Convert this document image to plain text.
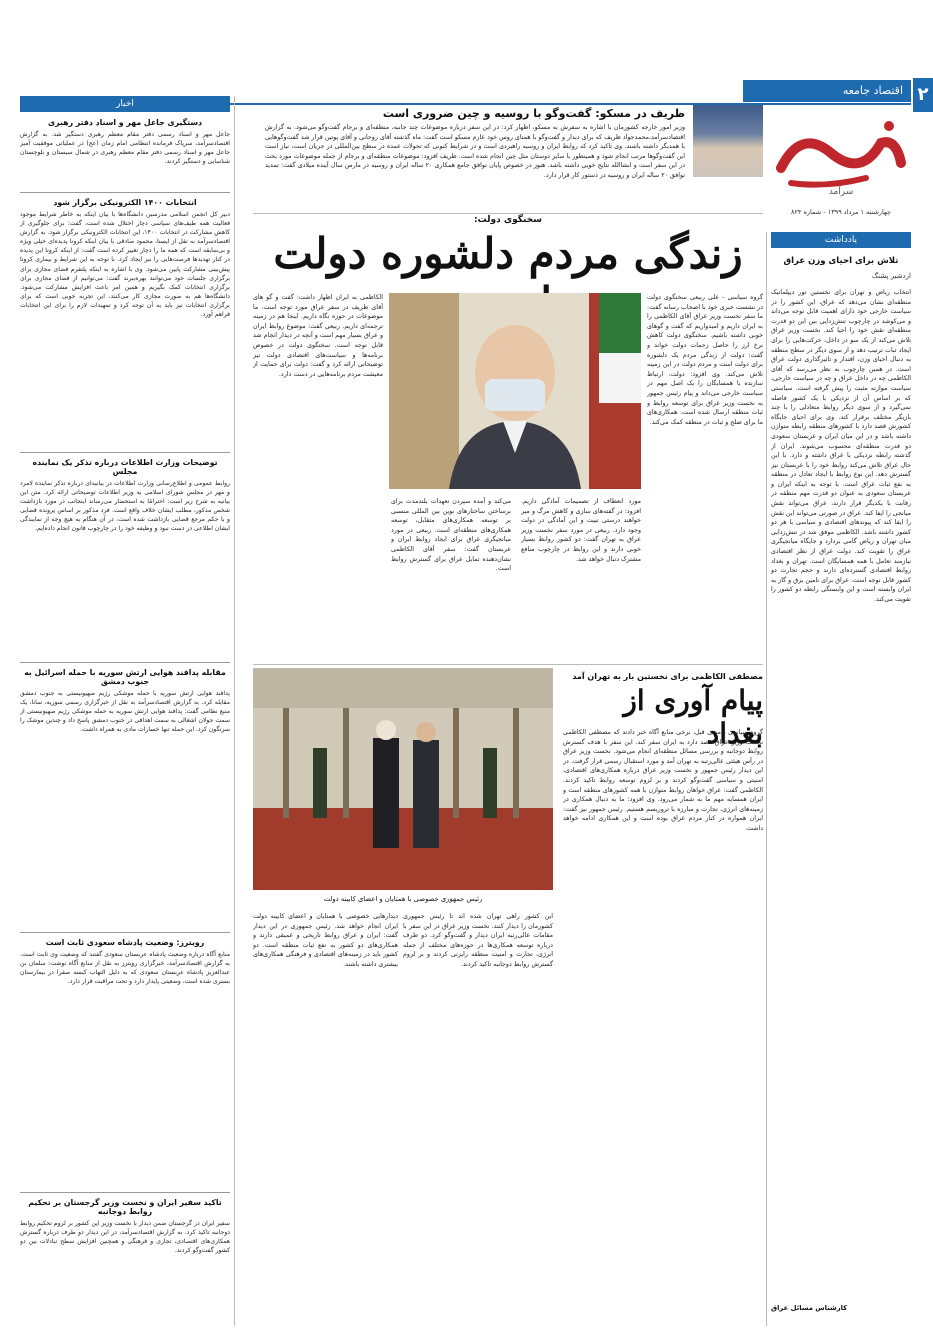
۲
اقتصاد جامعه
سرآمد
چهارشنبه ۱ مرداد ۱۳۹۹ - شماره ۸۲۴
ظریف در مسکو: گفت‌وگو با روسیه و چین ضروری است
وزیر امور خارجه کشورمان با اشاره به سفرش به مسکو، اظهار کرد: در این سفر درباره موضوعات چند جانبه، منطقه‌ای و برجام گفت‌وگو می‌شود. به گزارش اقتصادسرآمد،محمدجواد ظریف که برای دیدار و گفت‌وگو با همتای روس خود عازم مسکو است گفت: ماه گذشته آقای روحانی و آقای پوتین قرار شد گفت‌وگوهایی با همدیگر داشته باشند. وی تاکید کرد که روابط ایران و روسیه راهبردی است و در شرایط کنونی که تحولات عمده در سطح بین‌المللی در جریان است، نیاز است این گفت‌وگوها مرتب انجام شود و همینطور با سایر دوستان مثل چین انجام شده است. ظریف افزود: موضوعات منطقه‌ای و برجام از جمله موضوعات مورد بحث در این سفر است و انشاالله نتایج خوبی داشته باشد. هنوز در خصوص پایان توافق جامع همکاری ۲۰ ساله ایران و روسیه در مارس سال آینده میلادی گفت: تمدید توافق ۲۰ ساله ایران و روسیه در دستور کار قرار دارد.
یادداشت
تلاش برای احیای وزن عراق
اردشیر پشنگ
انتخاب ریاض و تهران برای نخستین تور دیپلماتیک منطقه‌ای نشان می‌دهد که عراق، این کشور را در سیاست خارجی خود دارای اهمیت قابل توجه می‌داند و می‌کوشد در چارچوب تنش‌زدایی بین این دو قدرت منطقه‌ای نقش خود را احیا کند. نخست وزیر عراق تلاش می‌کند از یک سو در داخل، حرکت‌هایی را برای ایجاد ثبات ترتیب دهد و از سوی دیگر در سطح منطقه به دنبال احیای وزن، اقتدار و تاثیرگذاری دولت عراق است. در همین چارچوب به نظر می‌رسد که آقای الکاظمی چه در داخل عراق و چه در سیاست خارجی، سیاست موازنه مثبت را پیش گرفته است. سیاستی که بر اساس آن از نزدیکی با یک کشور فاصله نمی‌گیرد و از سوی دیگر روابط متعادلی را با چند بازیگر مختلف برقرار کند. وی برای احیای جایگاه کشورش قصد دارد با کشورهای منطقه رابطه متوازن داشته باشد و در این میان ایران و عربستان سعودی دو قدرت منطقه‌ای محسوب می‌شوند. ایران از گذشته رابطه نزدیکی با عراق داشته و دارد. با این حال عراق تلاش می‌کند روابط خود را با عربستان نیز گسترش دهد. این نوع روابط با ایجاد تعادل در منطقه به نفع ثبات عراق است. با توجه به اینکه ایران و عربستان سعودی به عنوان دو قدرت مهم منطقه در رقابت با یکدیگر قرار دارند، عراق می‌تواند نقش میانجی را ایفا کند. عراق در صورتی می‌تواند این نقش را ایفا کند که پیوندهای اقتصادی و سیاسی با هر دو کشور داشته باشد. الکاظمی موفق شد در تنش‌زدایی میان تهران و ریاض گامی بردارد و جایگاه میانجیگری عراق را تقویت کند. دولت عراق از نظر اقتصادی نیازمند تعامل با همه همسایگان است. تهران و بغداد روابط اقتصادی گسترده‌ای دارند و حجم تجارت دو کشور قابل توجه است. عراق برای تامین برق و گاز به ایران وابسته است و این وابستگی رابطه دو کشور را تقویت می‌کند.
کارشناس مسائل عراق
اخبار
دستگیری جاعل مهر و اسناد دفتر رهبری
جاعل مهر و اسناد رسمی دفتر مقام معظم رهبری دستگیر شد. به گزارش اقتصادسرآمد، سرپاک فرمانده انتظامی امام زمان (عج) در عملیاتی موفقیت آمیز جاعل مهر و اسناد رسمی دفتر مقام معظم رهبری در شمال سیستان و بلوچستان شناسایی و دستگیر کردند.
انتخابات ۱۴۰۰ الکترونیکی برگزار شود
دبیر کل انجمن اسلامی مدرسین دانشگاه‌ها با بیان اینکه به خاطر شرایط موجود فعالیت همه طیف‌های سیاسی دچار اختلال شده است، گفت: برای جلوگیری از کاهش مشارکت در انتخابات ۱۴۰۰، این انتخابات الکترونیکی برگزار شود. به گزارش اقتصادسرآمد به نقل از ایسنا، محمود صادقی با بیان اینکه کرونا پدیده‌ای خیلی ویژه و بی‌سابقه است که همه ما را دچار تغییر کرده است گفت: از اینکه کرونا این پدیده در کنار تهدیدها فرصت‌هایی را نیز ایجاد کرد. با توجه به این شرایط و بیماری کرونا پیش‌بینی مشارکت پایین می‌شود. وی با اشاره به اینکه پلتفرم فضای مجازی برای برگزاری جلسات خود می‌توانند بهره‌ببرند گفت: می‌توانیم از فضای مجازی برای برگزاری انتخابات کمک بگیریم و همین امر باعث افزایش مشارکت می‌شود. دانشگاه‌ها هم به صورت مجازی کار می‌کنند، این تجربه خوبی است که برای برگزاری انتخابات نیز باید به آن توجه کرد و تمهیدات لازم را برای این انتخابات فراهم آورد.
توضیحات وزارت اطلاعات درباره تذکر یک نماینده مجلس
روابط عمومی و اطلاع‌رسانی وزارت اطلاعات در بیانیه‌ای درباره تذکر نماینده لامرد و مهر در مجلس شورای اسلامی به وزیر اطلاعات توضیحاتی ارائه کرد. متن این بیانیه به شرح زیر است: احترامًا به استحضار می‌رساند اینجانب در مورد بازداشت شخص مذکور، مطلب ایشان خلاف واقع است. فرد مذکور بر اساس پرونده قضایی و با حکم مرجع قضایی بازداشت شده است. در آن هنگام به هیچ وجه از نمایندگی ایشان اطلاعی در دست نبود و وظیفه خود را در چارچوب قانون انجام داده‌ایم.
مقابله پدافند هوایی ارتش سوریه با حمله اسرائیل به جنوب دمشق
پدافند هوایی ارتش سوریه با حمله موشکی رژیم صهیونیستی به جنوب دمشق مقابله کرد. به گزارش اقتصادسرآمد به نقل از خبرگزاری رسمی سوریه، سانا، یک منبع نظامی گفت: پدافند هوایی ارتش سوریه به حمله موشکی رژیم صهیونیستی از سمت جولان اشغالی به سمت اهدافی در جنوب دمشق پاسخ داد و چندین موشک را سرنگون کرد. این حمله تنها خسارات مادی به همراه داشت.
رویترز: وضعیت پادشاه سعودی ثابت است
منابع آگاه درباره وضعیت پادشاه عربستان سعودی گفتند که وضعیت وی ثابت است. به گزارش اقتصادسرآمد، خبرگزاری رویترز به نقل از منابع آگاه نوشت: سلمان بن عبدالعزیز پادشاه عربستان سعودی که به دلیل التهاب کیسه صفرا در بیمارستان بستری شده است، وضعیتی پایدار دارد و تحت مراقبت قرار دارد.
تاکید سفیر ایران و نخست وزیر گرجستان بر تحکیم روابط دوجانبه
سفیر ایران در گرجستان ضمن دیدار با نخست وزیر این کشور بر لزوم تحکیم روابط دوجانبه تاکید کرد. به گزارش اقتصادسرآمد، در این دیدار دو طرف درباره گسترش همکاری‌های اقتصادی، تجاری و فرهنگی و همچنین افزایش سطح تبادلات بین دو کشور گفت‌وگو کردند.
سخنگوی دولت:
زندگی مردم دلشوره دولت
گروه سیاسی - علی ربیعی سخنگوی دولت در نشست خبری خود با اصحاب رسانه گفت: ما سفر نخست وزیر عراق آقای الکاظمی را به ایران داریم و امیدواریم که گفت و گوهای خوبی داشته باشیم. سخنگوی دولت کاهش نرخ ارز را حاصل زحمات دولت خواند و گفت: دولت از زندگی مردم یک دلشوره برای دولت است و مردم دولت در این زمینه تلاش می‌کند. وی افزود: دولت، ارتباط سازنده با همسایگان را یک اصل مهم در سیاست خارجی می‌داند و پیام رئیس جمهور به نخست وزیر عراق برای توسعه روابط و ثبات منطقه ارسال شده است. همکاری‌های ما برای صلح و ثبات در منطقه کمک می‌کند.
الکاظمی به ایران اظهار داشت: گفت و گو های آقای ظریف در سفر عراق مورد توجه است. ما موضوعات در حوزه نگاه داریم. اینجا هم در زمینه ترجمه‌ای داریم. ربیعی گفت: موضوع روابط ایران و عراق بسیار مهم است و آنچه در دیدار انجام شد قابل توجه است. سخنگوی دولت در خصوص برنامه‌ها و سیاست‌های اقتصادی دولت نیز توضیحاتی ارائه کرد و گفت: دولت برای حمایت از معیشت مردم برنامه‌هایی در دست دارد.
مورد انعطاف از تصمیمات آمادگی داریم. افزود: در گفته‌های سازی و کاهش مرگ و میر خواهند درستی تبیت و این آمادگی در دولت وجود دارد. ربیعی در مورد سفر نخست وزیر عراق به تهران گفت: دو کشور روابط بسیار خوبی دارند و این روابط در چارچوب منافع مشترک دنبال خواهد شد.
می‌کند و آمده سپردن تعهدات بلندمدت برای برساختن ساختارهای نوین بین المللی منسبی بر توسعه همکاری‌های متقابل، توسعه همکاری‌های منطقه‌ای است. ربیعی در مورد میانجیگری عراق برای ایجاد روابط ایران و عربستان گفت: سفر آقای الکاظمی نشان‌دهنده تمایل عراق برای گسترش روابط است.
مصطفی الکاظمی برای نخستین بار به تهران آمد
پیام آوری از بغداد
رئیس جمهوری خصوصی با همتایان و اعضای کابینه دولت
گروه سیاسی - مدنی قبل، برخی منابع آگاه خبر دادند که مصطفی الکاظمی نخست وزیر عراق قصد دارد به ایران سفر کند. این سفر با هدف گسترش روابط دوجانبه و بررسی مسائل منطقه‌ای انجام می‌شود. نخست وزیر عراق در رأس هیئتی عالی‌رتبه به تهران آمد و مورد استقبال رسمی قرار گرفت. در این دیدار رئیس جمهور و نخست وزیر عراق درباره همکاری‌های اقتصادی، امنیتی و سیاسی گفت‌وگو کردند و بر لزوم توسعه روابط تاکید کردند. الکاظمی گفت: عراق خواهان روابط متوازن با همه کشورهای منطقه است و ایران همسایه مهم ما به شمار می‌رود. وی افزود: ما به دنبال همکاری در زمینه‌های انرژی، تجارت و مبارزه با تروریسم هستیم. رئیس جمهور نیز گفت: ایران همواره در کنار مردم عراق بوده است و این همکاری ادامه خواهد داشت.
این کشور راهی تهران شده اند تا رئیس جمهوری کشورمان را دیدار کنند. نخست وزیر عراق در این سفر با مقامات عالی‌رتبه ایران دیدار و گفت‌وگو کرد. دو طرف درباره توسعه همکاری‌ها در حوزه‌های مختلف از جمله انرژی، تجارت و امنیت منطقه رایزنی کردند و بر لزوم گسترش روابط دوجانبه تاکید کردند.
دیدارهایی خصوصی با همتایان و اعضای کابینه دولت ایران انجام خواهد شد. رئیس جمهوری در این دیدار گفت: ایران و عراق روابط تاریخی و عمیقی دارند و همکاری‌های دو کشور به نفع ثبات منطقه است. دو کشور باید در زمینه‌های اقتصادی و فرهنگی همکاری‌های بیشتری داشته باشند.
